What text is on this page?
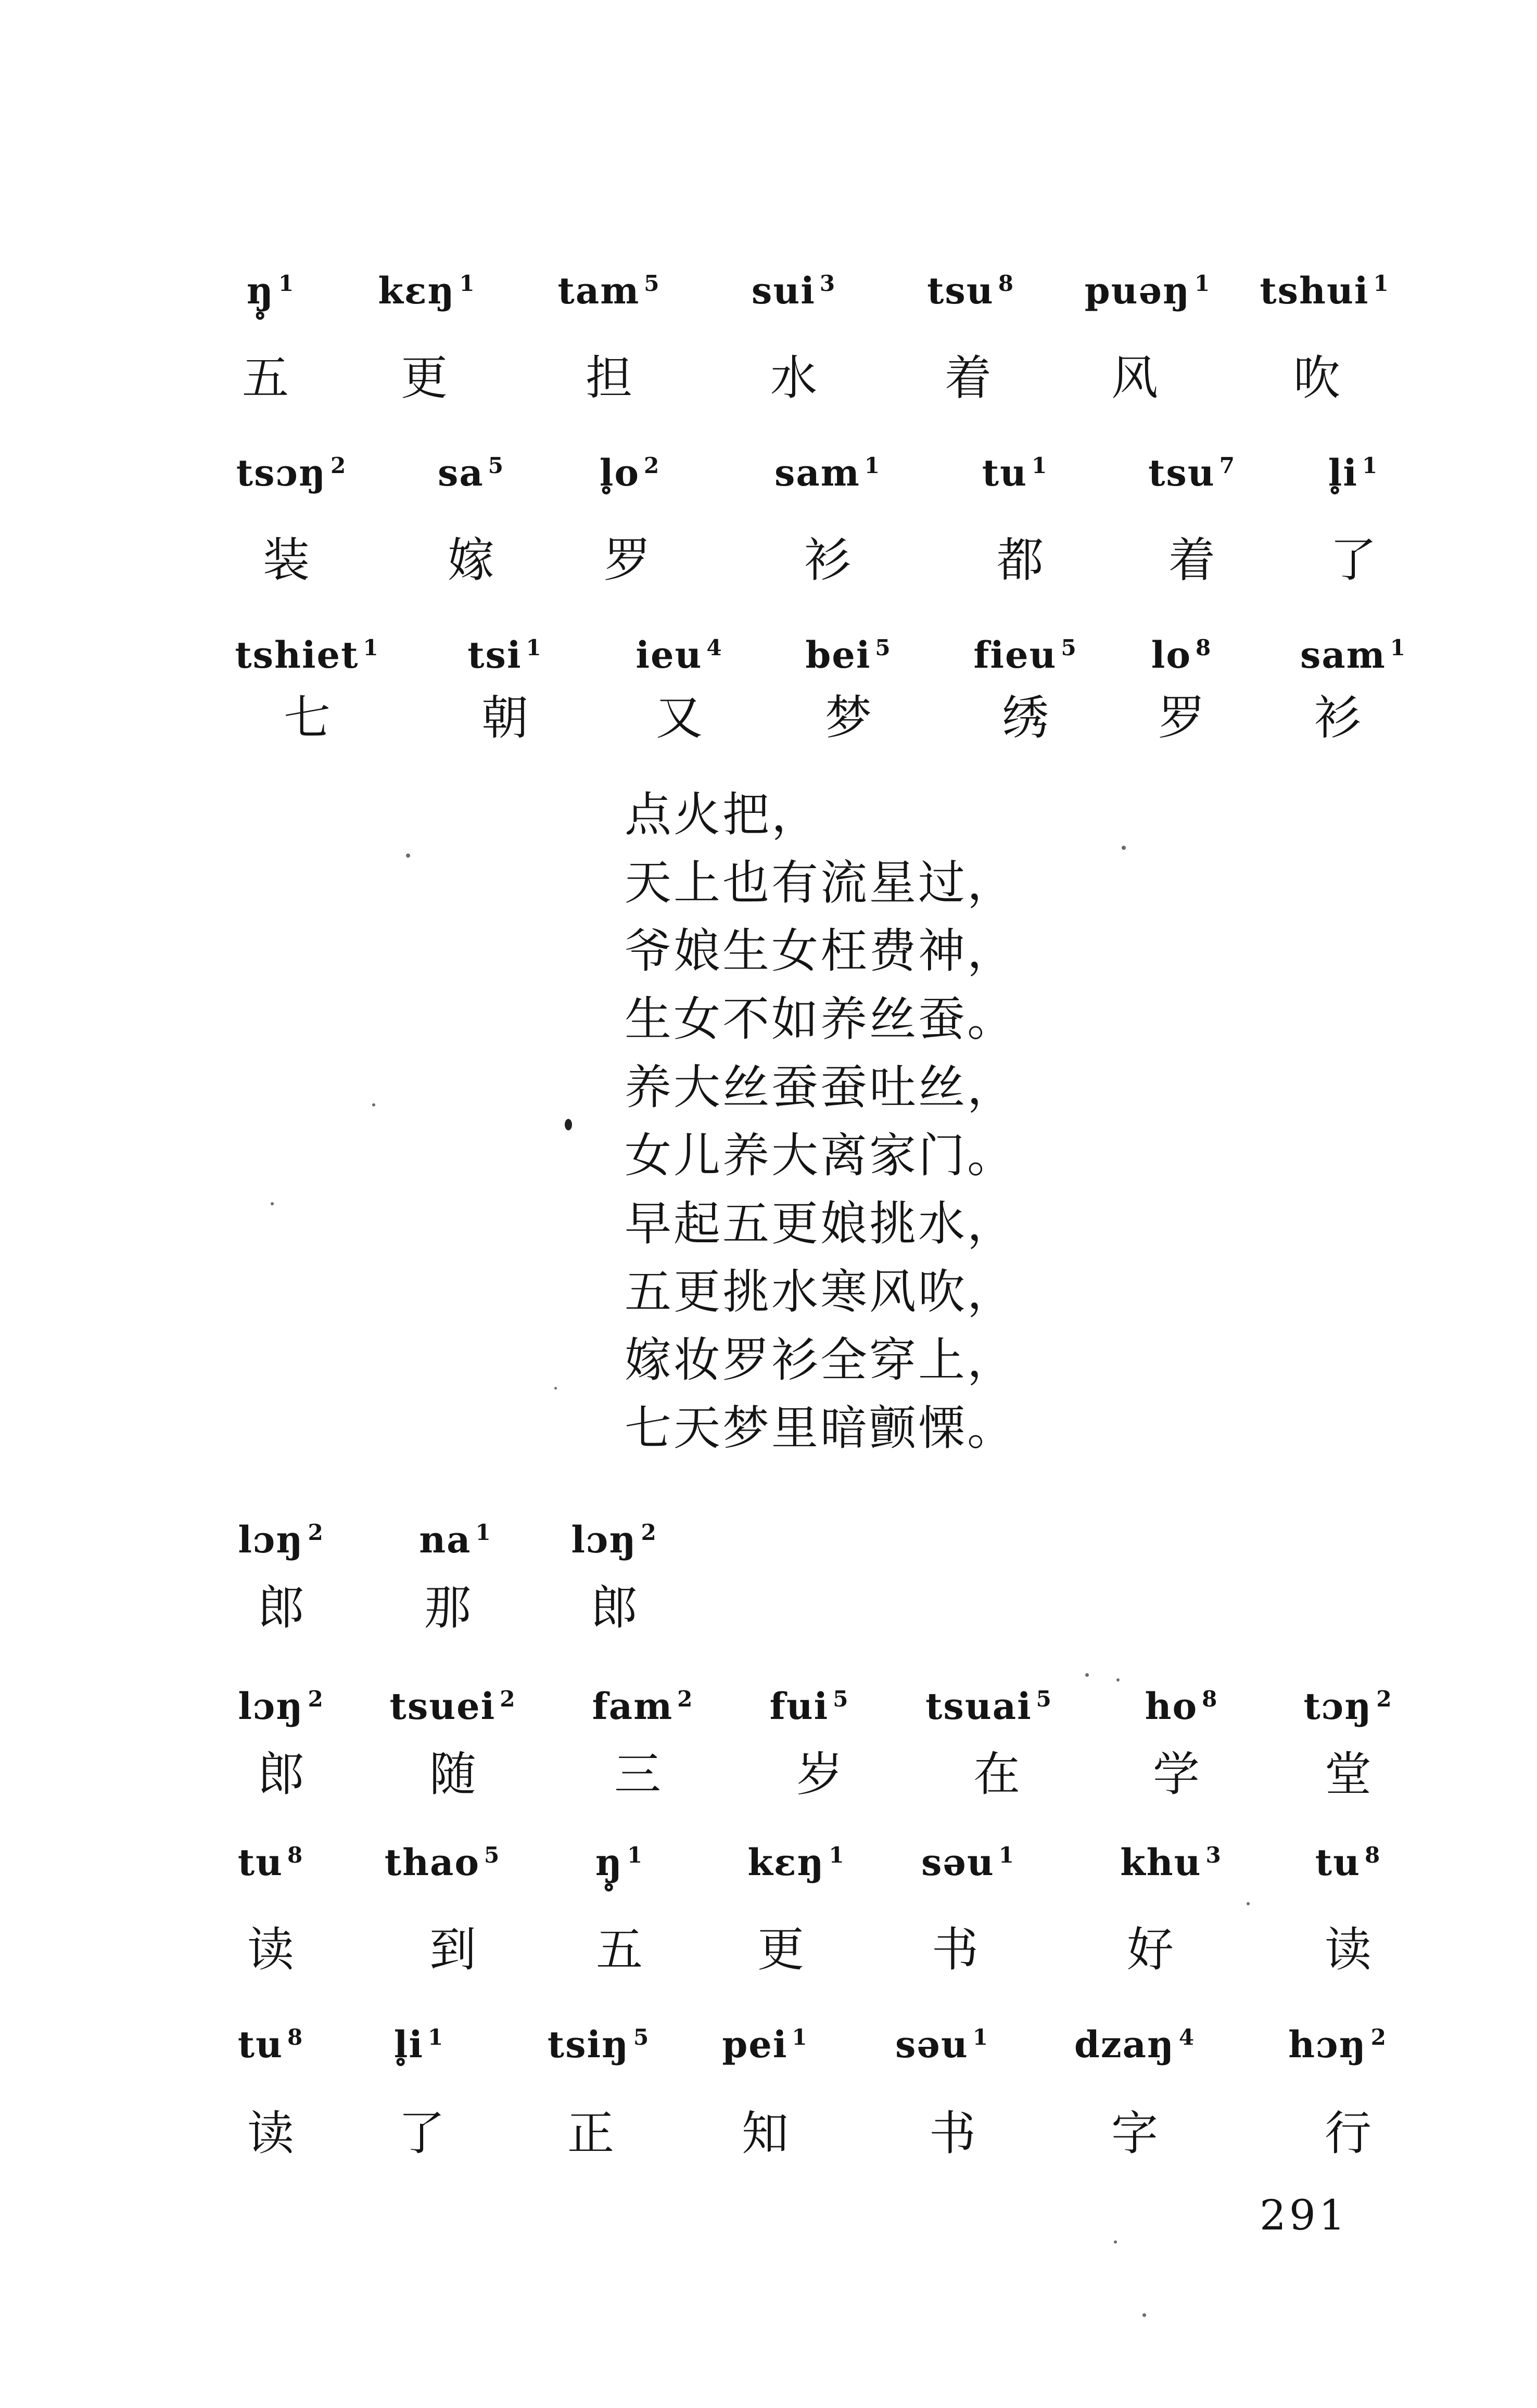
ŋ̥ $^1$	kɛŋ $^1$	tam $^5$	sui $^3$	tsu $^8$	puəŋ $^1$	tshui $^1$
五	更	担	水	着	风	吹
tsɔŋ $^2$	sa $^5$	l̥o $^2$	sam $^1$	tu $^1$	tsu $^7$	l̥i $^1$
装	嫁	罗	衫	都	着	了
tshiet $^1$	tsi $^1$	ieu $^4$	bei $^5$	fieu $^5$	lo $^8$	sam $^1$
七	朝	又	梦	绣	罗	衫
点火把，
天上也有流星过，
爷娘生女枉费神，
生女不如养丝蚕。
养大丝蚕蚕吐丝，
女儿养大离家门。
早起五更娘挑水，
五更挑水寒风吹，
嫁妆罗衫全穿上，
七天梦里暗颤慄。
lɔŋ $^2$	na $^1$	lɔŋ $^2$
郎	那	郎
lɔŋ $^2$	tsuei $^2$	fam $^2$	fui $^5$	tsuai $^5$	ho $^8$	tɔŋ $^2$
郎	随	三	岁	在	学	堂
tu $^8$	thao $^5$	ŋ̥ $^1$	kɛŋ $^1$	səu $^1$	khu $^3$	tu $^8$
读	到	五	更	书	好	读
tu $^8$	l̥i $^1$	tsiŋ $^5$	pei $^1$	səu $^1$	dzaŋ $^4$	hɔŋ $^2$
读	了	正	知	书	字	行
291
